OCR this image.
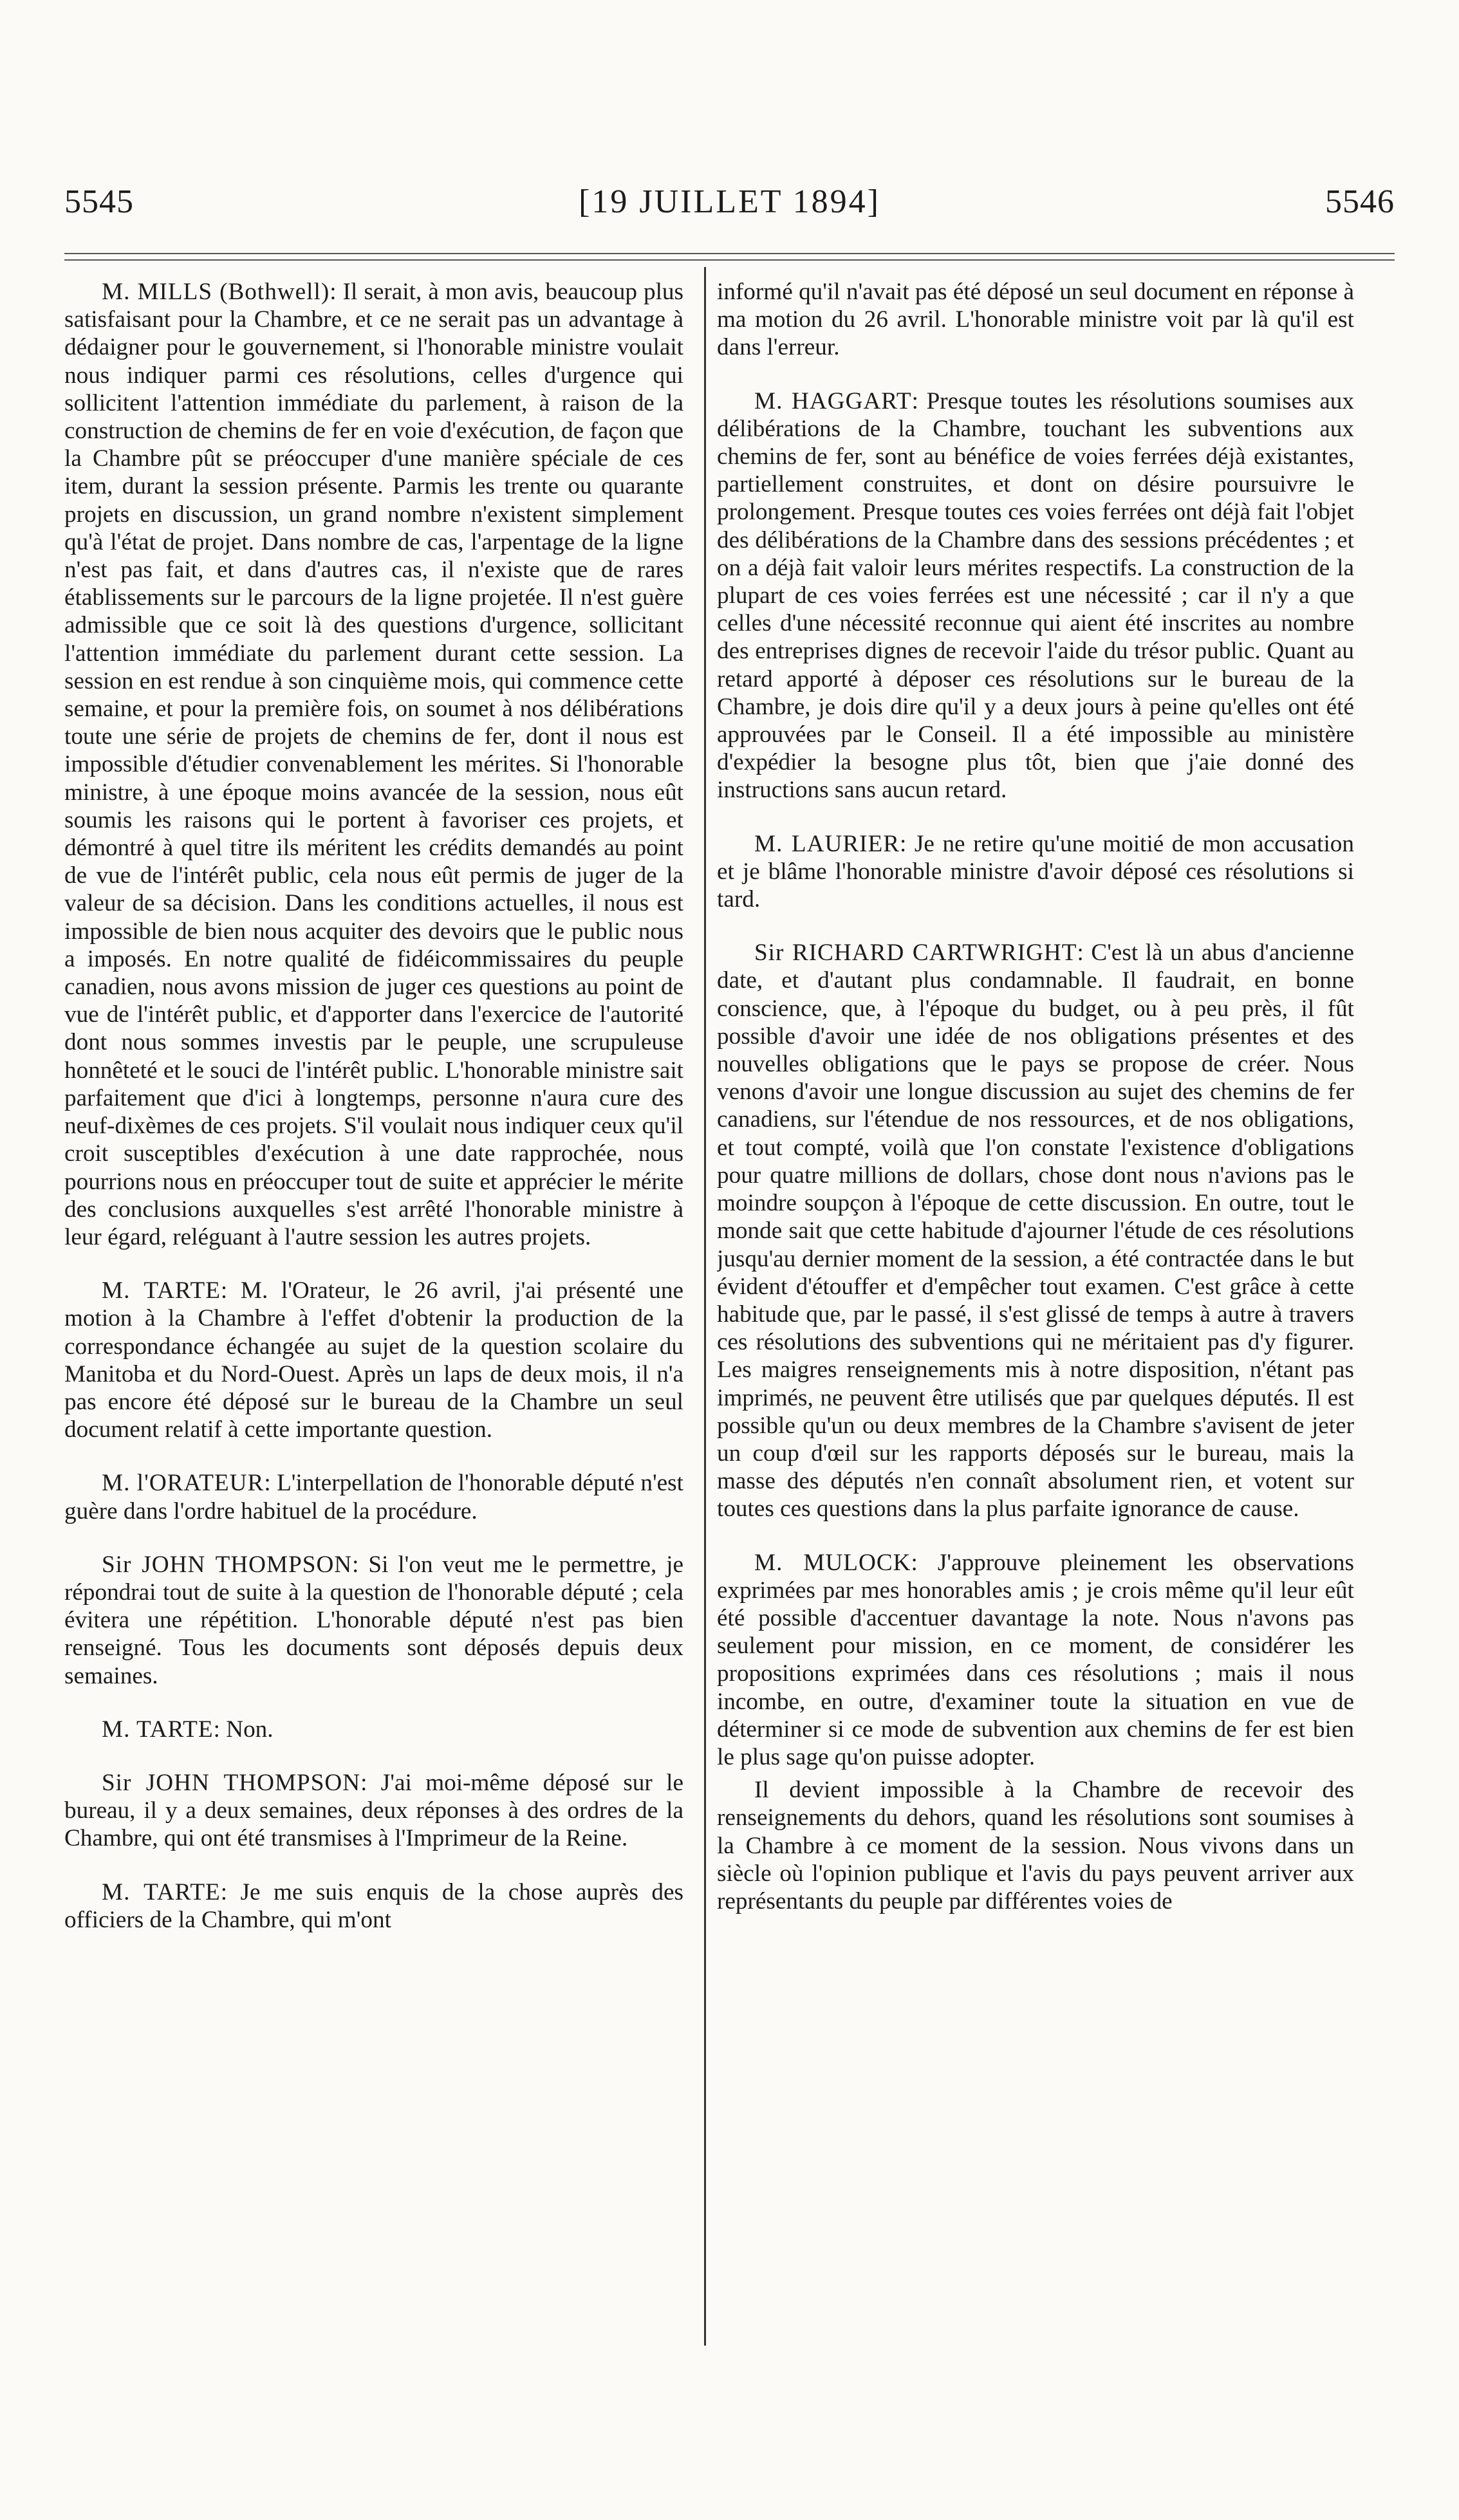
5545	[19 JUILLET 1894]	5546

M. MILLS (Bothwell): Il serait, à mon avis, beaucoup plus satisfaisant pour la Chambre, et ce ne serait pas un advantage à dédaigner pour le gouvernement, si l'honorable ministre voulait nous indiquer parmi ces résolutions, celles d'urgence qui sollicitent l'attention immédiate du parlement, à raison de la construction de chemins de fer en voie d'exécution, de façon que la Chambre pût se préoccuper d'une manière spéciale de ces item, durant la session présente. Parmis les trente ou quarante projets en discussion, un grand nombre n'existent simplement qu'à l'état de projet. Dans nombre de cas, l'arpentage de la ligne n'est pas fait, et dans d'autres cas, il n'existe que de rares établissements sur le parcours de la ligne projetée. Il n'est guère admissible que ce soit là des questions d'urgence, sollicitant l'attention immédiate du parlement durant cette session. La session en est rendue à son cinquième mois, qui commence cette semaine, et pour la première fois, on soumet à nos délibérations toute une série de projets de chemins de fer, dont il nous est impossible d'étudier convenablement les mérites. Si l'honorable ministre, à une époque moins avancée de la session, nous eût soumis les raisons qui le portent à favoriser ces projets, et démontré à quel titre ils méritent les crédits demandés au point de vue de l'intérêt public, cela nous eût permis de juger de la valeur de sa décision. Dans les conditions actuelles, il nous est impossible de bien nous acquiter des devoirs que le public nous a imposés. En notre qualité de fidéicommissaires du peuple canadien, nous avons mission de juger ces questions au point de vue de l'intérêt public, et d'apporter dans l'exercice de l'autorité dont nous sommes investis par le peuple, une scrupuleuse honnêteté et le souci de l'intérêt public. L'honorable ministre sait parfaitement que d'ici à longtemps, personne n'aura cure des neuf-dixèmes de ces projets. S'il voulait nous indiquer ceux qu'il croit susceptibles d'exécution à une date rapprochée, nous pourrions nous en préoccuper tout de suite et apprécier le mérite des conclusions auxquelles s'est arrêté l'honorable ministre à leur égard, reléguant à l'autre session les autres projets.

M. TARTE: M. l'Orateur, le 26 avril, j'ai présenté une motion à la Chambre à l'effet d'obtenir la production de la correspondance échangée au sujet de la question scolaire du Manitoba et du Nord-Ouest. Après un laps de deux mois, il n'a pas encore été déposé sur le bureau de la Chambre un seul document relatif à cette importante question.

M. l'ORATEUR: L'interpellation de l'honorable député n'est guère dans l'ordre habituel de la procédure.

Sir JOHN THOMPSON: Si l'on veut me le permettre, je répondrai tout de suite à la question de l'honorable député ; cela évitera une répétition. L'honorable député n'est pas bien renseigné. Tous les documents sont déposés depuis deux semaines.

M. TARTE: Non.

Sir JOHN THOMPSON: J'ai moi-même déposé sur le bureau, il y a deux semaines, deux réponses à des ordres de la Chambre, qui ont été transmises à l'Imprimeur de la Reine.

M. TARTE: Je me suis enquis de la chose auprès des officiers de la Chambre, qui m'ont

informé qu'il n'avait pas été déposé un seul document en réponse à ma motion du 26 avril. L'honorable ministre voit par là qu'il est dans l'erreur.

M. HAGGART: Presque toutes les résolutions soumises aux délibérations de la Chambre, touchant les subventions aux chemins de fer, sont au bénéfice de voies ferrées déjà existantes, partiellement construites, et dont on désire poursuivre le prolongement. Presque toutes ces voies ferrées ont déjà fait l'objet des délibérations de la Chambre dans des sessions précédentes ; et on a déjà fait valoir leurs mérites respectifs. La construction de la plupart de ces voies ferrées est une nécessité ; car il n'y a que celles d'une nécessité reconnue qui aient été inscrites au nombre des entreprises dignes de recevoir l'aide du trésor public. Quant au retard apporté à déposer ces résolutions sur le bureau de la Chambre, je dois dire qu'il y a deux jours à peine qu'elles ont été approuvées par le Conseil. Il a été impossible au ministère d'expédier la besogne plus tôt, bien que j'aie donné des instructions sans aucun retard.

M. LAURIER: Je ne retire qu'une moitié de mon accusation et je blâme l'honorable ministre d'avoir déposé ces résolutions si tard.

Sir RICHARD CARTWRIGHT: C'est là un abus d'ancienne date, et d'autant plus condamnable. Il faudrait, en bonne conscience, que, à l'époque du budget, ou à peu près, il fût possible d'avoir une idée de nos obligations présentes et des nouvelles obligations que le pays se propose de créer. Nous venons d'avoir une longue discussion au sujet des chemins de fer canadiens, sur l'étendue de nos ressources, et de nos obligations, et tout compté, voilà que l'on constate l'existence d'obligations pour quatre millions de dollars, chose dont nous n'avions pas le moindre soupçon à l'époque de cette discussion. En outre, tout le monde sait que cette habitude d'ajourner l'étude de ces résolutions jusqu'au dernier moment de la session, a été contractée dans le but évident d'étouffer et d'empêcher tout examen. C'est grâce à cette habitude que, par le passé, il s'est glissé de temps à autre à travers ces résolutions des subventions qui ne méritaient pas d'y figurer. Les maigres renseignements mis à notre disposition, n'étant pas imprimés, ne peuvent être utilisés que par quelques députés. Il est possible qu'un ou deux membres de la Chambre s'avisent de jeter un coup d'œil sur les rapports déposés sur le bureau, mais la masse des députés n'en connaît absolument rien, et votent sur toutes ces questions dans la plus parfaite ignorance de cause.

M. MULOCK: J'approuve pleinement les observations exprimées par mes honorables amis ; je crois même qu'il leur eût été possible d'accentuer davantage la note. Nous n'avons pas seulement pour mission, en ce moment, de considérer les propositions exprimées dans ces résolutions ; mais il nous incombe, en outre, d'examiner toute la situation en vue de déterminer si ce mode de subvention aux chemins de fer est bien le plus sage qu'on puisse adopter.

Il devient impossible à la Chambre de recevoir des renseignements du dehors, quand les résolutions sont soumises à la Chambre à ce moment de la session. Nous vivons dans un siècle où l'opinion publique et l'avis du pays peuvent arriver aux représentants du peuple par différentes voies de
